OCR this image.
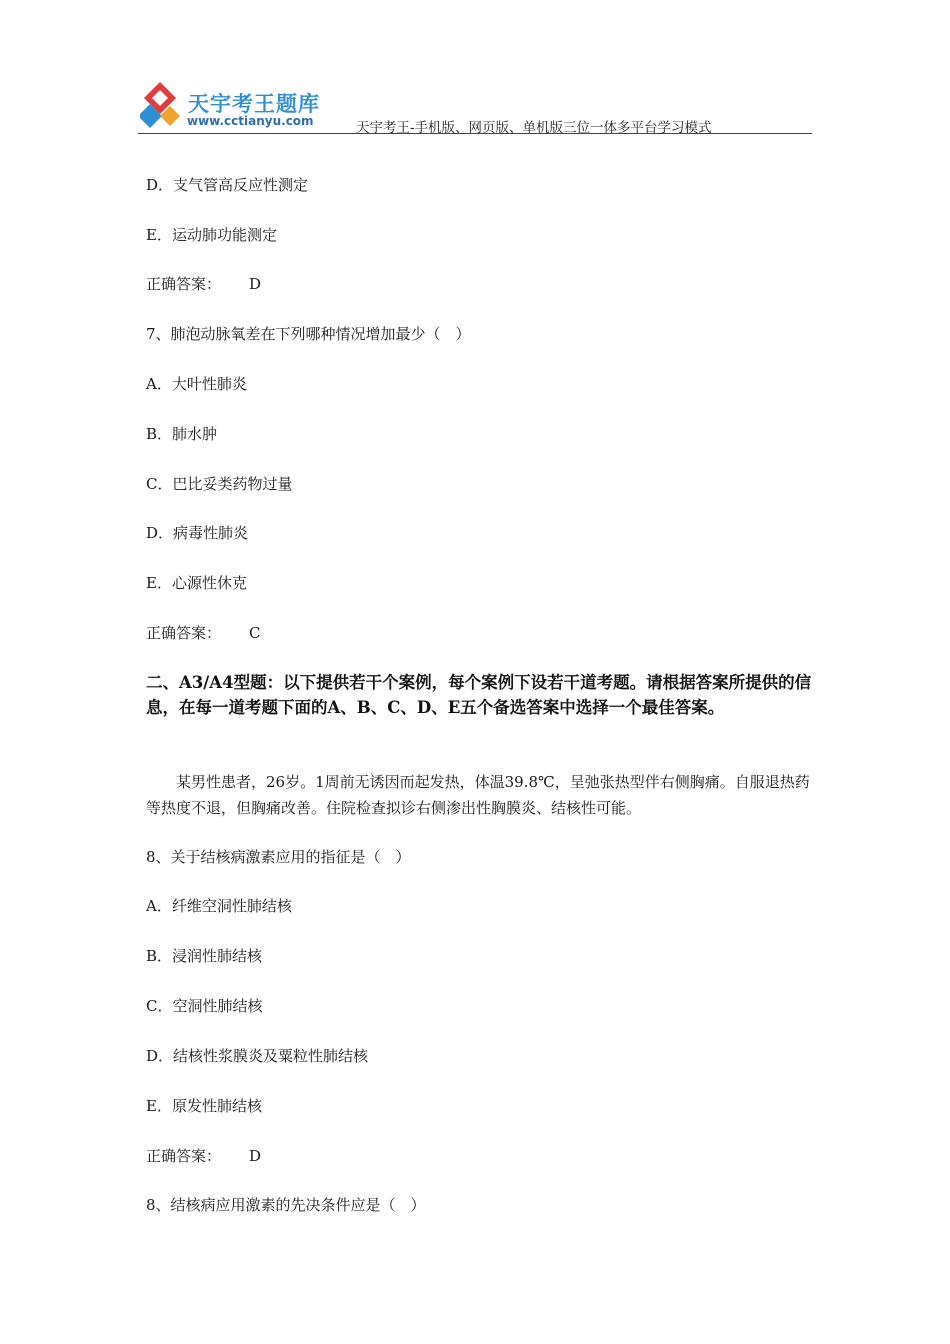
天宇考王题库
www.cctianyu.com	天宇考王-手机版、网页版、单机版三位一体多平台学习模式
D．支气管高反应性测定
E．运动肺功能测定
正确答案： D
7、肺泡动脉氧差在下列哪种情况增加最少（　）
A．大叶性肺炎
B．肺水肿
C．巴比妥类药物过量
D．病毒性肺炎
E．心源性休克
正确答案： C
二、A3/A4型题：以下提供若干个案例，每个案例下设若干道考题。请根据答案所提供的信息，在每一道考题下面的A、B、C、D、E五个备选答案中选择一个最佳答案。
某男性患者，26岁。1周前无诱因而起发热，体温39.8℃，呈弛张热型伴右侧胸痛。自服退热药等热度不退，但胸痛改善。住院检查拟诊右侧渗出性胸膜炎、结核性可能。
8、关于结核病激素应用的指征是（　）
A．纤维空洞性肺结核
B．浸润性肺结核
C．空洞性肺结核
D．结核性浆膜炎及粟粒性肺结核
E．原发性肺结核
正确答案： D
8、结核病应用激素的先决条件应是（　）
